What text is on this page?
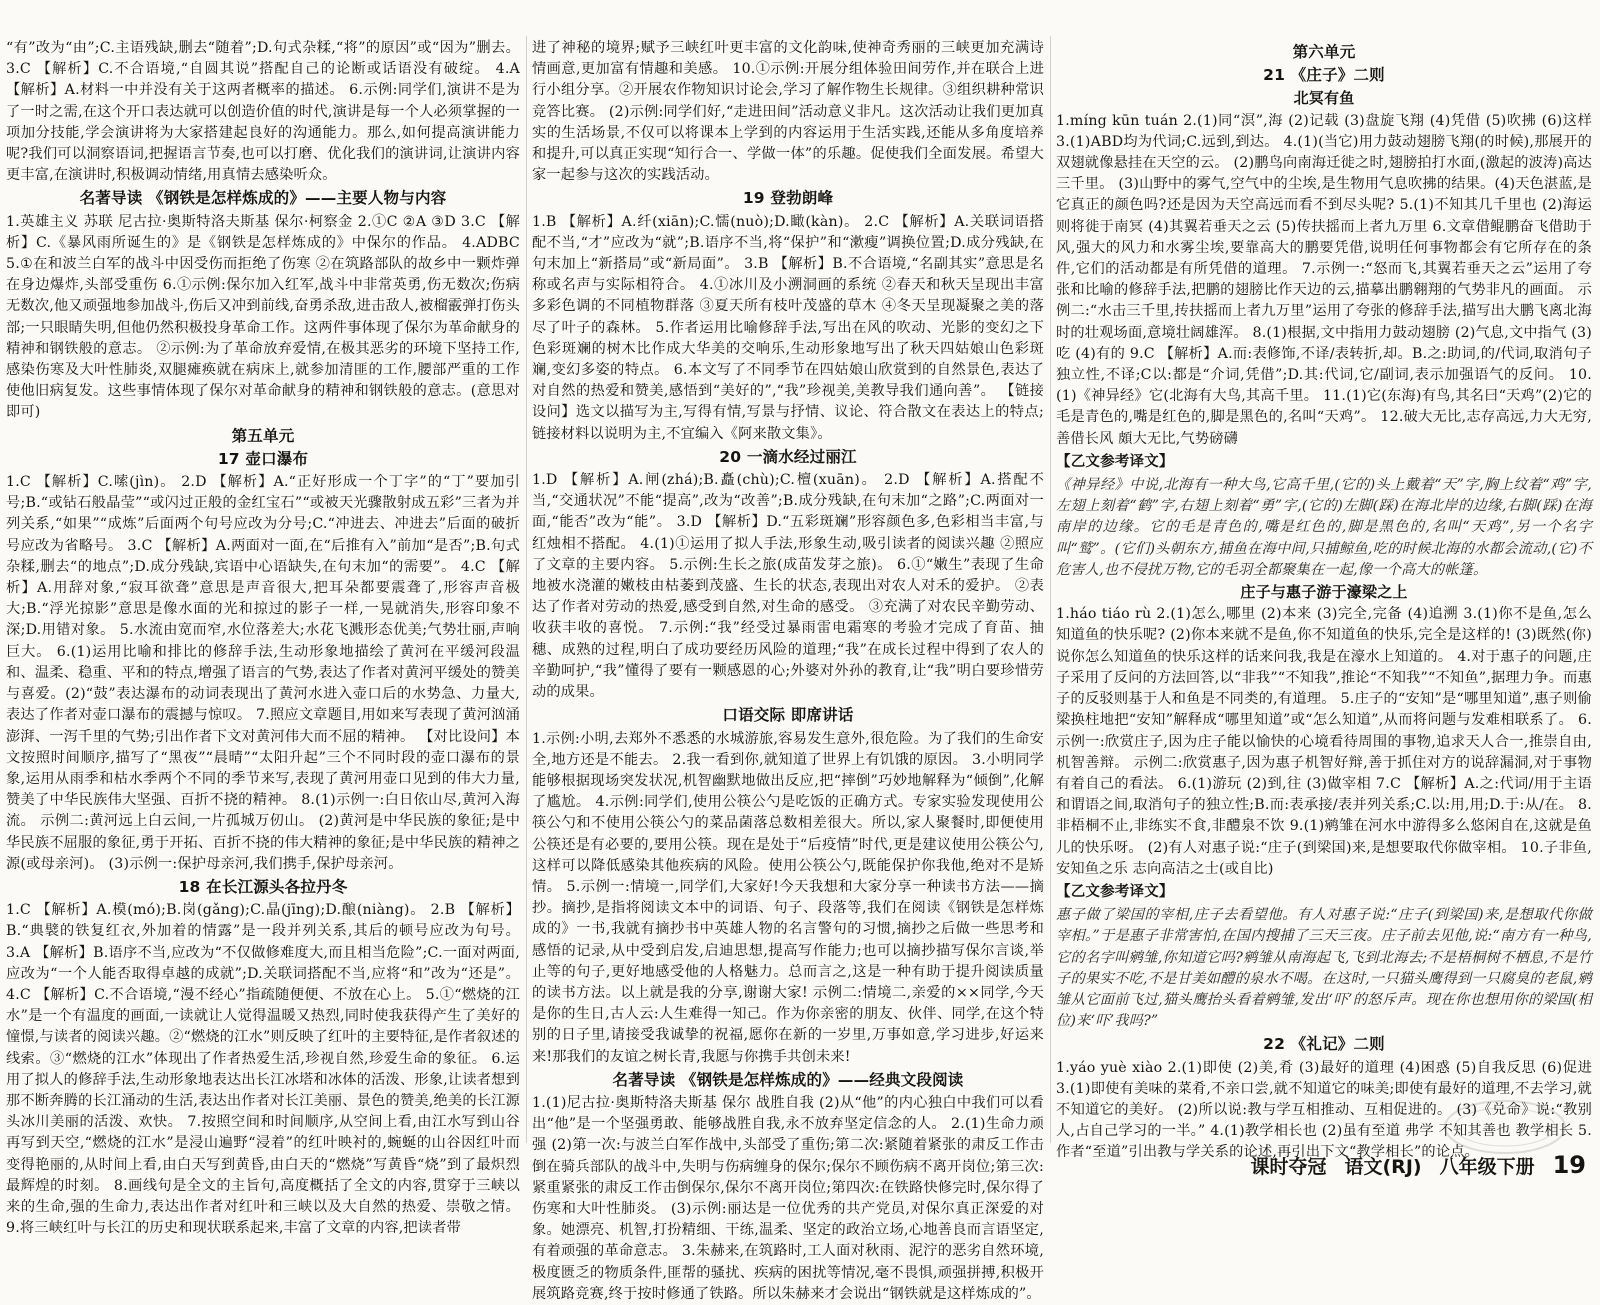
“有”改为“由”;C.主语残缺,删去“随着”;D.句式杂糅,“将”的原因”或“因为”删去。 3.C 【解析】C.不合语境,“自圆其说”搭配自己的论断或话语没有破绽。 4.A 【解析】A.材料一中并没有关于这两者概率的描述。 6.示例:同学们,演讲不是为了一时之需,在这个开口表达就可以创造价值的时代,演讲是每一个人必须掌握的一项加分技能,学会演讲将为大家搭建起良好的沟通能力。那么,如何提高演讲能力呢?我们可以洞察语词,把握语言节奏,也可以打磨、优化我们的演讲词,让演讲内容更丰富,在演讲时,积极调动情绪,用真情去感染听众。

名著导读 《钢铁是怎样炼成的》——主要人物与内容

1.英雄主义 苏联 尼古拉·奥斯特洛夫斯基 保尔·柯察金 2.①C ②A ③D 3.C 【解析】C.《暴风雨所诞生的》是《钢铁是怎样炼成的》中保尔的作品。 4.ADBC 5.①在和波兰白军的战斗中因受伤而拒绝了伤寒 ②在筑路部队的故乡中一颗炸弹在身边爆炸,头部受重伤 6.①示例:保尔加入红军,战斗中非常英勇,伤无数次;伤病无数次,他又顽强地参加战斗,伤后又冲到前线,奋勇杀敌,进击敌人,被榴霰弹打伤头部;一只眼睛失明,但他仍然积极投身革命工作。这两件事体现了保尔为革命献身的精神和钢铁般的意志。 ②示例:为了革命放弃爱情,在极其恶劣的环境下坚持工作,感染伤寒及大叶性肺炎,双腿瘫痪就在病床上,就参加清匪的工作,腰部严重的工作使他旧病复发。这些事情体现了保尔对革命献身的精神和钢铁般的意志。(意思对即可)

第五单元
17 壶口瀑布

1.C 【解析】C.嗦(jìn)。 2.D 【解析】A.“正好形成一个丁字”的“丁”要加引号;B.“或钻石般晶莹”“或闪过正般的金红宝石”“或被天光骤散射成五彩”三者为并列关系,“如果”“成炼”后面两个句号应改为分号;C.“冲进去、冲进去”后面的破折号应改为省略号。 3.C 【解析】A.两面对一面,在“后推有入”前加“是否”;B.句式杂糅,删去“的地点”;D.成分残缺,宾语中心语缺失,在句末加“的需要”。 4.C 【解析】A.用辞对象,“寂耳欲聋”意思是声音很大,把耳朵都要震聋了,形容声音极大;B.“浮光掠影”意思是像水面的光和掠过的影子一样,一晃就消失,形容印象不深;D.用错对象。 5.水流由宽而窄,水位落差大;水花飞溅形态优美;气势壮丽,声响巨大。 6.(1)运用比喻和排比的修辞手法,生动形象地描绘了黄河在平缓河段温和、温柔、稳重、平和的特点,增强了语言的气势,表达了作者对黄河平缓处的赞美与喜爱。(2)“鼓”表达瀑布的动词表现出了黄河水进入壶口后的水势急、力量大,表达了作者对壶口瀑布的震撼与惊叹。 7.照应文章题目,用如来写表现了黄河汹涌澎湃、一泻千里的气势;引出作者下文对黄河伟大而不屈的精神。 【对比设问】本文按照时间顺序,描写了“黑夜”“晨晴”“太阳升起”三个不同时段的壶口瀑布的景象,运用从雨季和枯水季两个不同的季节来写,表现了黄河用壶口见到的伟大力量,赞美了中华民族伟大坚强、百折不挠的精神。 8.(1)示例一:白日依山尽,黄河入海流。 示例二:黄河远上白云间,一片孤城万仞山。 (2)黄河是中华民族的象征;是中华民族不屈服的象征,勇于开拓、百折不挠的伟大精神的象征;是中华民族的精神之源(或母亲河)。 (3)示例一:保护母亲河,我们携手,保护母亲河。

18 在长江源头各拉丹冬

1.C 【解析】A.模(mó);B.岗(gǎng);C.晶(jīng);D.酿(niàng)。 2.B 【解析】B.“典襞的铁复红衣,外加着的情露”是一段并列关系,其后的顿号应改为句号。 3.A 【解析】B.语序不当,应改为“不仅做修难度大,而且相当危险”;C.一面对两面,应改为“一个人能否取得卓越的成就”;D.关联词搭配不当,应将“和”改为“还是”。 4.C 【解析】C.不合语境,“漫不经心”指疏随便便、不放在心上。 5.①“燃烧的江水”是一个有温度的画面,一读就让人觉得温暖又热烈,同时使我获得产生了美好的憧憬,与读者的阅读兴趣。②“燃烧的江水”则反映了红叶的主要特征,是作者叙述的线索。③“燃烧的江水”体现出了作者热爱生活,珍视自然,珍爱生命的象征。 6.运用了拟人的修辞手法,生动形象地表达出长江冰塔和冰体的活泼、形象,让读者想到那不断奔腾的长江涌动的生活,表达出作者对长江美丽、景色的赞美,绝美的长江源头冰川美丽的活泼、欢快。 7.按照空间和时间顺序,从空间上看,由江水写到山谷再写到天空,“燃烧的江水”是浸山遍野“浸着”的红叶映衬的,蜿蜒的山谷因红叶而变得艳丽的,从时间上看,由白天写到黄昏,由白天的“燃烧”写黄昏“烧”到了最炽烈最辉煌的时刻。 8.画线句是全文的主旨句,高度概括了全文的内容,贯穿于三峡以来的生命,强的生命力,表达出作者对红叶和三峡以及大自然的热爱、崇敬之情。 9.将三峡红叶与长江的历史和现状联系起来,丰富了文章的内容,把读者带

进了神秘的境界;赋予三峡红叶更丰富的文化韵味,使神奇秀丽的三峡更加充满诗情画意,更加富有情趣和美感。 10.①示例:开展分组体验田间劳作,并在联合上进行小组分享。②开展农作物知识讨论会,学习了解作物生长规律。③组织耕种常识竞答比赛。 (2)示例:同学们好,“走进田间”活动意义非凡。这次活动让我们更加真实的生活场景,不仅可以将课本上学到的内容运用于生活实践,还能从多角度培养和提升,可以真正实现“知行合一、学做一体”的乐趣。促使我们全面发展。希望大家一起参与这次的实践活动。

19 登勃朗峰

1.B 【解析】A.纤(xiān);C.懦(nuò);D.瞰(kàn)。 2.C 【解析】A.关联词语搭配不当,“才”应改为“就”;B.语序不当,将“保护”和“漱瘦”调换位置;D.成分残缺,在句末加上“新搭局”或“新局面”。 3.B 【解析】B.不合语境,“名副其实”意思是名称或名声与实际相符合。 4.①冰川及小溯洞画的系统 ②春天和秋天呈现出丰富多彩色调的不同植物群落 ③夏天所有枝叶茂盛的草木 ④冬天呈现凝聚之美的落尽了叶子的森林。 5.作者运用比喻修辞手法,写出在风的吹动、光影的变幻之下色彩斑斓的树木比作成大华美的交响乐,生动形象地写出了秋天四姑娘山色彩斑斓,变幻多姿的特点。 6.本文写了不同季节在四姑娘山欣赏到的自然景色,表达了对自然的热爱和赞美,感悟到“美好的”,“我”珍视美,美教导我们通向善”。 【链接设问】选文以描写为主,写得有情,写景与抒情、议论、符合散文在表达上的特点;链接材料以说明为主,不宜编入《阿来散文集》。

20 一滴水经过丽江

1.D 【解析】A.闸(zhá);B.矗(chù);C.檀(xuān)。 2.D 【解析】A.搭配不当,“交通状况”不能“提高”,改为“改善”;B.成分残缺,在句末加“之路”;C.两面对一面,“能否”改为“能”。 3.D 【解析】D.“五彩斑斓”形容颜色多,色彩相当丰富,与红烛相不搭配。 4.(1)①运用了拟人手法,形象生动,吸引读者的阅读兴趣 ②照应了文章的主要内容。 5.示例:生长之旅(成苗发芽之旅)。 6.①“嫩生”表现了生命地被水浇灌的嫩枝由枯萎到茂盛、生长的状态,表现出对农人对禾的爱护。 ②表达了作者对劳动的热爱,感受到自然,对生命的感受。 ③充满了对农民辛勤劳动、收获丰收的喜悦。 7.示例:“我”经受过暴雨雷电霜寒的考验才完成了育苗、抽穗、成熟的过程,明白了成功要经历风险的道理;“我”在成长过程中得到了农人的辛勤呵护,“我”懂得了要有一颗感恩的心;外婆对外孙的教育,让“我”明白要珍惜劳动的成果。

口语交际 即席讲话

1.示例:小明,去郑外不悉悉的水城游旅,容易发生意外,很危险。为了我们的生命安全,地方还是不能去。 2.我一看到你,就知道了世界上有饥饿的原因。 3.小明同学能够根据现场突发状况,机智幽默地做出反应,把“摔倒”巧妙地解释为“倾倒”,化解了尴尬。 4.示例:同学们,使用公筷公勺是吃饭的正确方式。专家实验发现使用公筷公勺和不使用公筷公勺的菜品菌落总数相差很大。所以,家人聚餐时,即便使用公筷还是有必要的,要用公筷。现在是处于“后疫情”时代,更是建议使用公筷公勺,这样可以降低感染其他疾病的风险。使用公筷公勺,既能保护你我他,绝对不是矫情。 5.示例一:情境一,同学们,大家好!今天我想和大家分享一种读书方法——摘抄。摘抄,是指将阅读文本中的词语、句子、段落等,我们在阅读《钢铁是怎样炼成的》一书,我就有摘抄书中英雄人物的名言警句的习惯,摘抄之后做一些思考和感悟的记录,从中受到启发,启迪思想,提高写作能力;也可以摘抄描写保尔言谈,举止等的句子,更好地感受他的人格魅力。总而言之,这是一种有助于提升阅读质量的读书方法。以上就是我的分享,谢谢大家! 示例二:情境二,亲爱的××同学,今天是你的生日,古人云:人生难得一知己。作为你亲密的朋友、伙伴、同学,在这个特别的日子里,请接受我诚挚的祝福,愿你在新的一岁里,万事如意,学习进步,好运来来!那我们的友谊之树长青,我愿与你携手共创未来!

名著导读 《钢铁是怎样炼成的》——经典文段阅读

1.(1)尼古拉·奥斯特洛夫斯基 保尔 战胜自我 (2)从“他”的内心独白中我们可以看出“他”是一个坚强勇敢、能够战胜自我,永不放弃坚定信念的人。 2.(1)生命力顽强 (2)第一次:与波兰白军作战中,头部受了重伤;第二次:紧随着紧张的肃反工作击倒在骑兵部队的战斗中,失明与伤病缠身的保尔;保尔不顾伤病不离开岗位;第三次:紧重紧张的肃反工作击倒保尔,保尔不离开岗位;第四次:在铁路快修完时,保尔得了伤寒和大叶性肺炎。 (3)示例:丽达是一位优秀的共产党员,对保尔真正深爱的对象。她漂亮、机智,打扮精细、干练,温柔、坚定的政治立场,心地善良而言语坚定,有着顽强的革命意志。 3.朱赫来,在筑路时,工人面对秋雨、泥泞的恶劣自然环境,极度匮乏的物质条件,匪帮的骚扰、疾病的困扰等情况,毫不畏惧,顽强拼搏,积极开展筑路竞赛,终于按时修通了铁路。所以朱赫来才会说出“钢铁就是这样炼成的”。

第六单元
21 《庄子》二则
北冥有鱼

1.míng kūn tuán 2.(1)同“溟”,海 (2)记载 (3)盘旋飞翔 (4)凭借 (5)吹拂 (6)这样 3.(1)ABD均为代词;C.远到,到达。 4.(1)(当它)用力鼓动翅膀飞翔(的时候),那展开的双翅就像悬挂在天空的云。 (2)鹏鸟向南海迁徙之时,翅膀拍打水面,(激起的波涛)高达三千里。 (3)山野中的雾气,空气中的尘埃,是生物用气息吹拂的结果。(4)天色湛蓝,是它真正的颜色吗?还是因为天空高远而看不到尽头呢? 5.(1)不知其几千里也 (2)海运则将徙于南冥 (4)其翼若垂天之云 (5)传扶摇而上者九万里 6.文章借鲲鹏奋飞借助于风,强大的风力和水雾尘埃,要靠高大的鹏要凭借,说明任何事物都会有它所存在的条件,它们的活动都是有所凭借的道理。 7.示例一:“怒而飞,其翼若垂天之云”运用了夸张和比喻的修辞手法,把鹏的翅膀比作天边的云,描摹出鹏翱翔的气势非凡的画面。 示例二:“水击三千里,抟扶摇而上者九万里”运用了夸张的修辞手法,描写出大鹏飞离北海时的壮观场面,意境壮阔雄浑。 8.(1)根据,文中指用力鼓动翅膀 (2)气息,文中指气 (3)吃 (4)有的 9.C 【解析】A.而:表修饰,不译/表转折,却。B.之:助词,的/代词,取消句子独立性,不译;C以:都是“介词,凭借”;D.其:代词,它/副词,表示加强语气的反问。 10.(1)《神异经》它(北海有大鸟,其高千里。 11.(1)它(东海)有鸟,其名曰“天鸡”(2)它的毛是青色的,嘴是红色的,脚是黑色的,名叫“天鸡”。 12.破大无比,志存高远,力大无穷,善借长风 頗大无比,气势磅礴

【乙文参考译文】

《神异经》中说,北海有一种大鸟,它高千里,(它的)头上戴着“天”字,胸上纹着“鸡”字,左翅上刻着“鹤”字,右翅上刻着“勇”字,(它的)左脚(踩)在海北岸的边缘,右脚(踩)在海南岸的边缘。它的毛是青色的,嘴是红色的,脚是黑色的,名叫“天鸡”,另一个名字叫“鹫”。(它们)头朝东方,捕鱼在海中间,只捕鲸鱼,吃的时候北海的水都会流动,(它)不危害人,也不侵扰万物,它的毛羽全都聚集在一起,像一个高大的帐篷。

庄子与惠子游于濠梁之上

1.háo tiáo rù 2.(1)怎么,哪里 (2)本来 (3)完全,完备 (4)追溯 3.(1)你不是鱼,怎么知道鱼的快乐呢? (2)你本来就不是鱼,你不知道鱼的快乐,完全是这样的! (3)既然(你)说你怎么知道鱼的快乐这样的话来问我,我是在濠水上知道的。 4.对于惠子的问题,庄子采用了反问的方法回答,以“非我”“不知我”,推论“不知我”“不知鱼”,据理力争。而惠子的反驳则基于人和鱼是不同类的,有道理。 5.庄子的“安知”是“哪里知道”,惠子则偷梁换柱地把“安知”解释成“哪里知道”或“怎么知道”,从而将问题与发难相联系了。 6.示例一:欣赏庄子,因为庄子能以愉快的心境看待周围的事物,追求天人合一,推崇自由,机智善辩。 示例二:欣赏惠子,因为惠子机智好辩,善于抓住对方的说辞漏洞,对于事物有着自己的看法。 6.(1)游玩 (2)到,往 (3)做宰相 7.C 【解析】A.之:代词/用于主语和谓语之间,取消句子的独立性;B.而:表承接/表并列关系;C.以:用,用;D.于:从/在。 8.非梧桐不止,非练实不食,非醴泉不饮 9.(1)鹓雏在河水中游得多么悠闲自在,这就是鱼儿的快乐呀。 (2)有人对惠子说:“庄子(到梁国)来,是想要取代你做宰相。 10.子非鱼,安知鱼之乐 志向高洁之士(或自比)

【乙文参考译文】

惠子做了梁国的宰相,庄子去看望他。有人对惠子说:“庄子(到梁国)来,是想取代你做宰相。”于是惠子非常害怕,在国内搜捕了三天三夜。庄子前去见他,说:“南方有一种鸟,它的名字叫鹓雏,你知道它吗?鹓雏从南海起飞,飞到北海去;不是梧桐树不栖息,不是竹子的果实不吃,不是甘美如醴的泉水不喝。在这时,一只猫头鹰得到一只腐臭的老鼠,鹓雏从它面前飞过,猫头鹰抬头看着鹓雏,发出‘吓’的怒斥声。现在你也想用你的梁国(相位)来‘吓’我吗?”

22 《礼记》二则

1.yáo yuè xiào 2.(1)即使 (2)美,肴 (3)最好的道理 (4)困惑 (5)自我反思 (6)促进 3.(1)即使有美味的菜肴,不亲口尝,就不知道它的味美;即使有最好的道理,不去学习,就不知道它的美好。 (2)所以说:教与学互相推动、互相促进的。 (3)《兑命》说:“教别人,占自己学习的一半。” 4.(1)教学相长也 (2)虽有至道 弗学 不知其善也 教学相长 5.作者“至道”引出教与学关系的论述,再引出下文“教学相长”的论点。

课时夺冠 语文(RJ) 八年级下册 19
